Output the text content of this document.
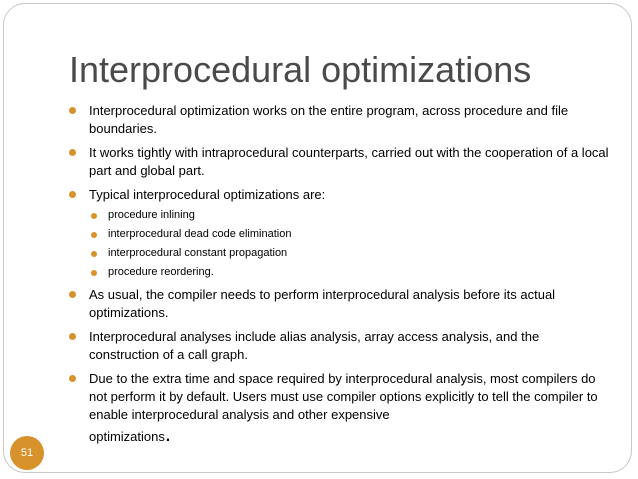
Interprocedural optimizations
Interprocedural optimization works on the entire program, across procedure and file boundaries.
It works tightly with intraprocedural counterparts, carried out with the cooperation of a local part and global part.
Typical interprocedural optimizations are:
procedure inlining
interprocedural dead code elimination
interprocedural constant propagation
procedure reordering.
As usual, the compiler needs to perform interprocedural analysis before its actual optimizations.
Interprocedural analyses include alias analysis, array access analysis, and the construction of a call graph.
Due to the extra time and space required by interprocedural analysis, most compilers do not perform it by default. Users must use compiler options explicitly to tell the compiler to enable interprocedural analysis and other expensive
optimizations.
51
